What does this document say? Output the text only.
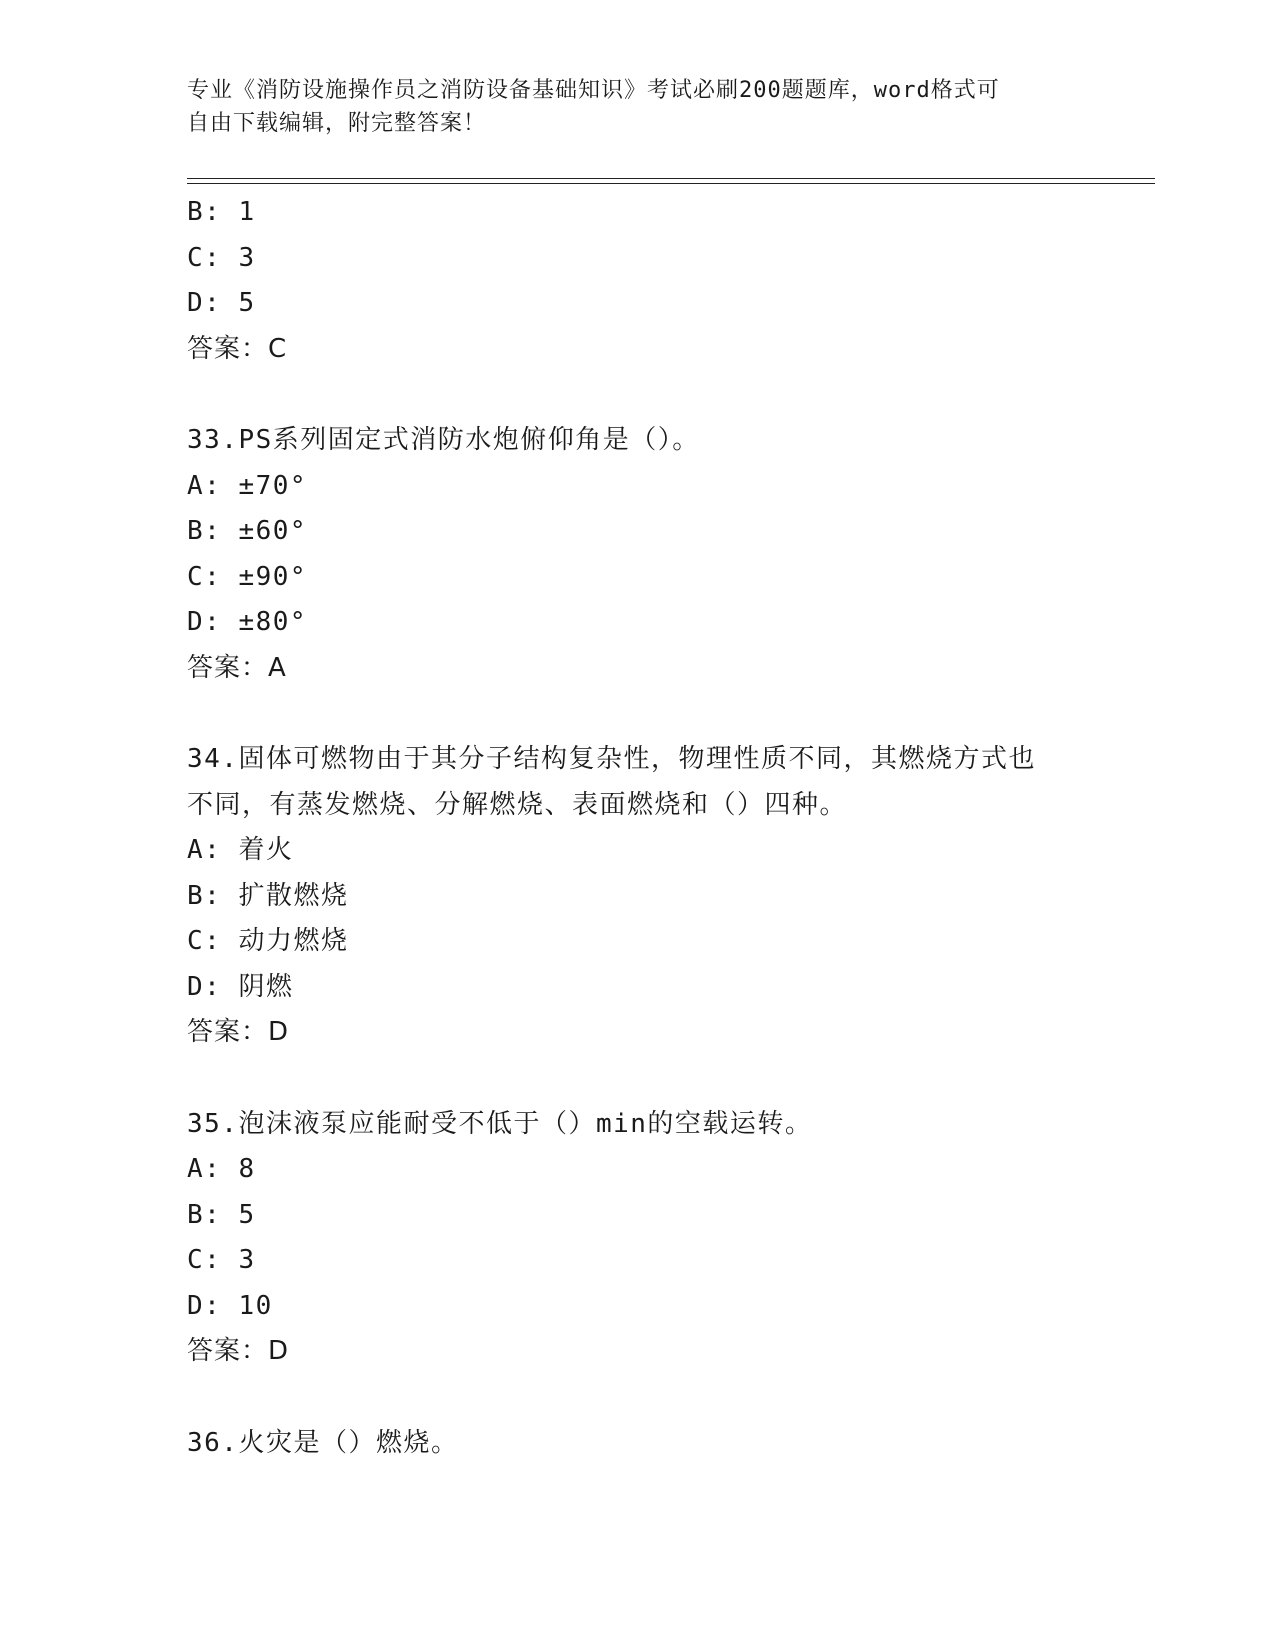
专业《消防设施操作员之消防设备基础知识》考试必刷200题题库，word格式可
自由下载编辑，附完整答案！
B: 1
C: 3
D: 5
答案：C
33.PS系列固定式消防水炮俯仰角是（）。
A: ±70°
B: ±60°
C: ±90°
D: ±80°
答案：A
34.固体可燃物由于其分子结构复杂性，物理性质不同，其燃烧方式也
不同，有蒸发燃烧、分解燃烧、表面燃烧和（）四种。
A: 着火
B: 扩散燃烧
C: 动力燃烧
D: 阴燃
答案：D
35.泡沫液泵应能耐受不低于（）min的空载运转。
A: 8
B: 5
C: 3
D: 10
答案：D
36.火灾是（）燃烧。
